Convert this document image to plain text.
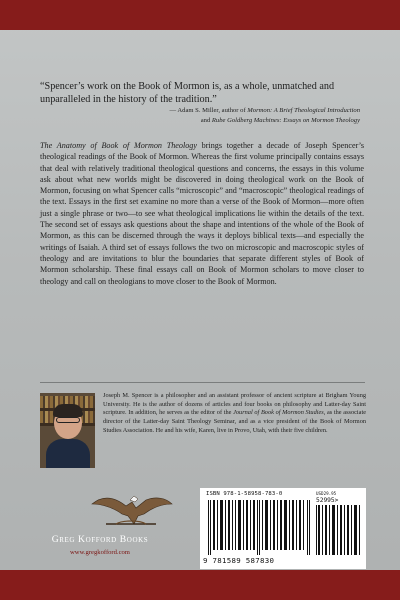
“Spencer’s work on the Book of Mormon is, as a whole, unmatched and unparalleled in the history of the tradition.”
— Adam S. Miller, author of Mormon: A Brief Theological Introduction
and Rube Goldberg Machines: Essays on Mormon Theology
The Anatomy of Book of Mormon Theology brings together a decade of Joseph Spencer’s theological readings of the Book of Mormon. Whereas the first volume principally contains essays that deal with relatively traditional theological questions and concerns, the essays in this volume ask about what new worlds might be discovered in doing theological work on the Book of Mormon, focusing on what Spencer calls “microscopic” and “macroscopic” theological readings of the text. Essays in the first set examine no more than a verse of the Book of Mormon—more often just a single phrase or two—to see what theological implications lie within the details of the text. The second set of essays ask questions about the shape and intentions of the whole of the Book of Mormon, as this can be discerned through the ways it deploys biblical texts—and especially the writings of Isaiah. A third set of essays follows the two on microscopic and macroscopic styles of theology and are invitations to blur the boundaries that separate different styles of Book of Mormon scholarship. These final essays call on Book of Mormon scholars to move closer to theology and call on theologians to move closer to the Book of Mormon.
Joseph M. Spencer is a philosopher and an assistant professor of ancient scripture at Brigham Young University. He is the author of dozens of articles and four books on philosophy and Latter-day Saint scripture. In addition, he serves as the editor of the Journal of Book of Mormon Studies, as the associate director of the Latter-day Saint Theology Seminar, and as a vice president of the Book of Mormon Studies Association. He and his wife, Karen, live in Provo, Utah, with their five children.
Greg Kofford Books
www.gregkofford.com
ISBN 978-1-58958-783-0	USD29.95
52995>
9 781589 587830
